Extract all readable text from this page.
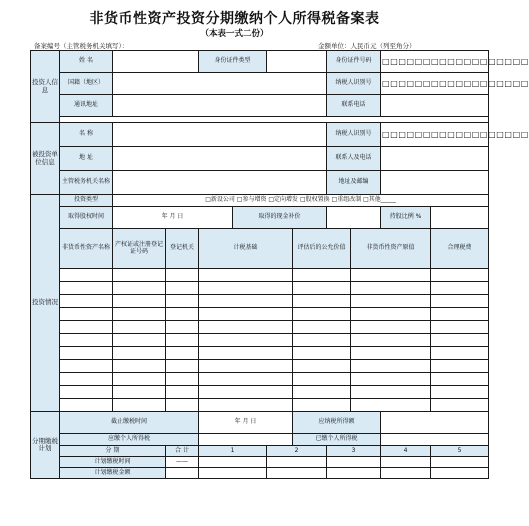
非货币性资产投资分期缴纳个人所得税备案表
（本表一式二份）
备案编号（主管税务机关填写）：	金额单位：人民币元（列至角分）
投资人信息	姓 名			身份证件类型				身份证件号码		□□□□□□□□□□□□□□□□□□	
	国籍（地区）							纳税人识别号		□□□□□□□□□□□□□□□□□□	
	通讯地址							联系电话			

被投资单位信息	名 称							纳税人识别号		□□□□□□□□□□□□□□□□□□	
	地 址							联系人及电话			
	主管税务机关名称							地址及邮编			
投资情况	投资类型	□新设公司 □参与增资 □定向增发 □股权置换 □重组改制 □其他_____									
	取得股权时间	年 月 日			取得的现金补价					持股比例 %	
	非货币性资产名称	产权证或注册登记证号码	登记机关	计税基础			评估后的公允价值		非货币性资产原值		合理税费

分期缴税计划	截止缴税时间			年 月 日			应纳税所得额				
	应缴个人所得税						已缴个人所得税				
	分 期		合 计	1		2		3		4	5
	计划缴税时间		——								
	计划缴税金额										
